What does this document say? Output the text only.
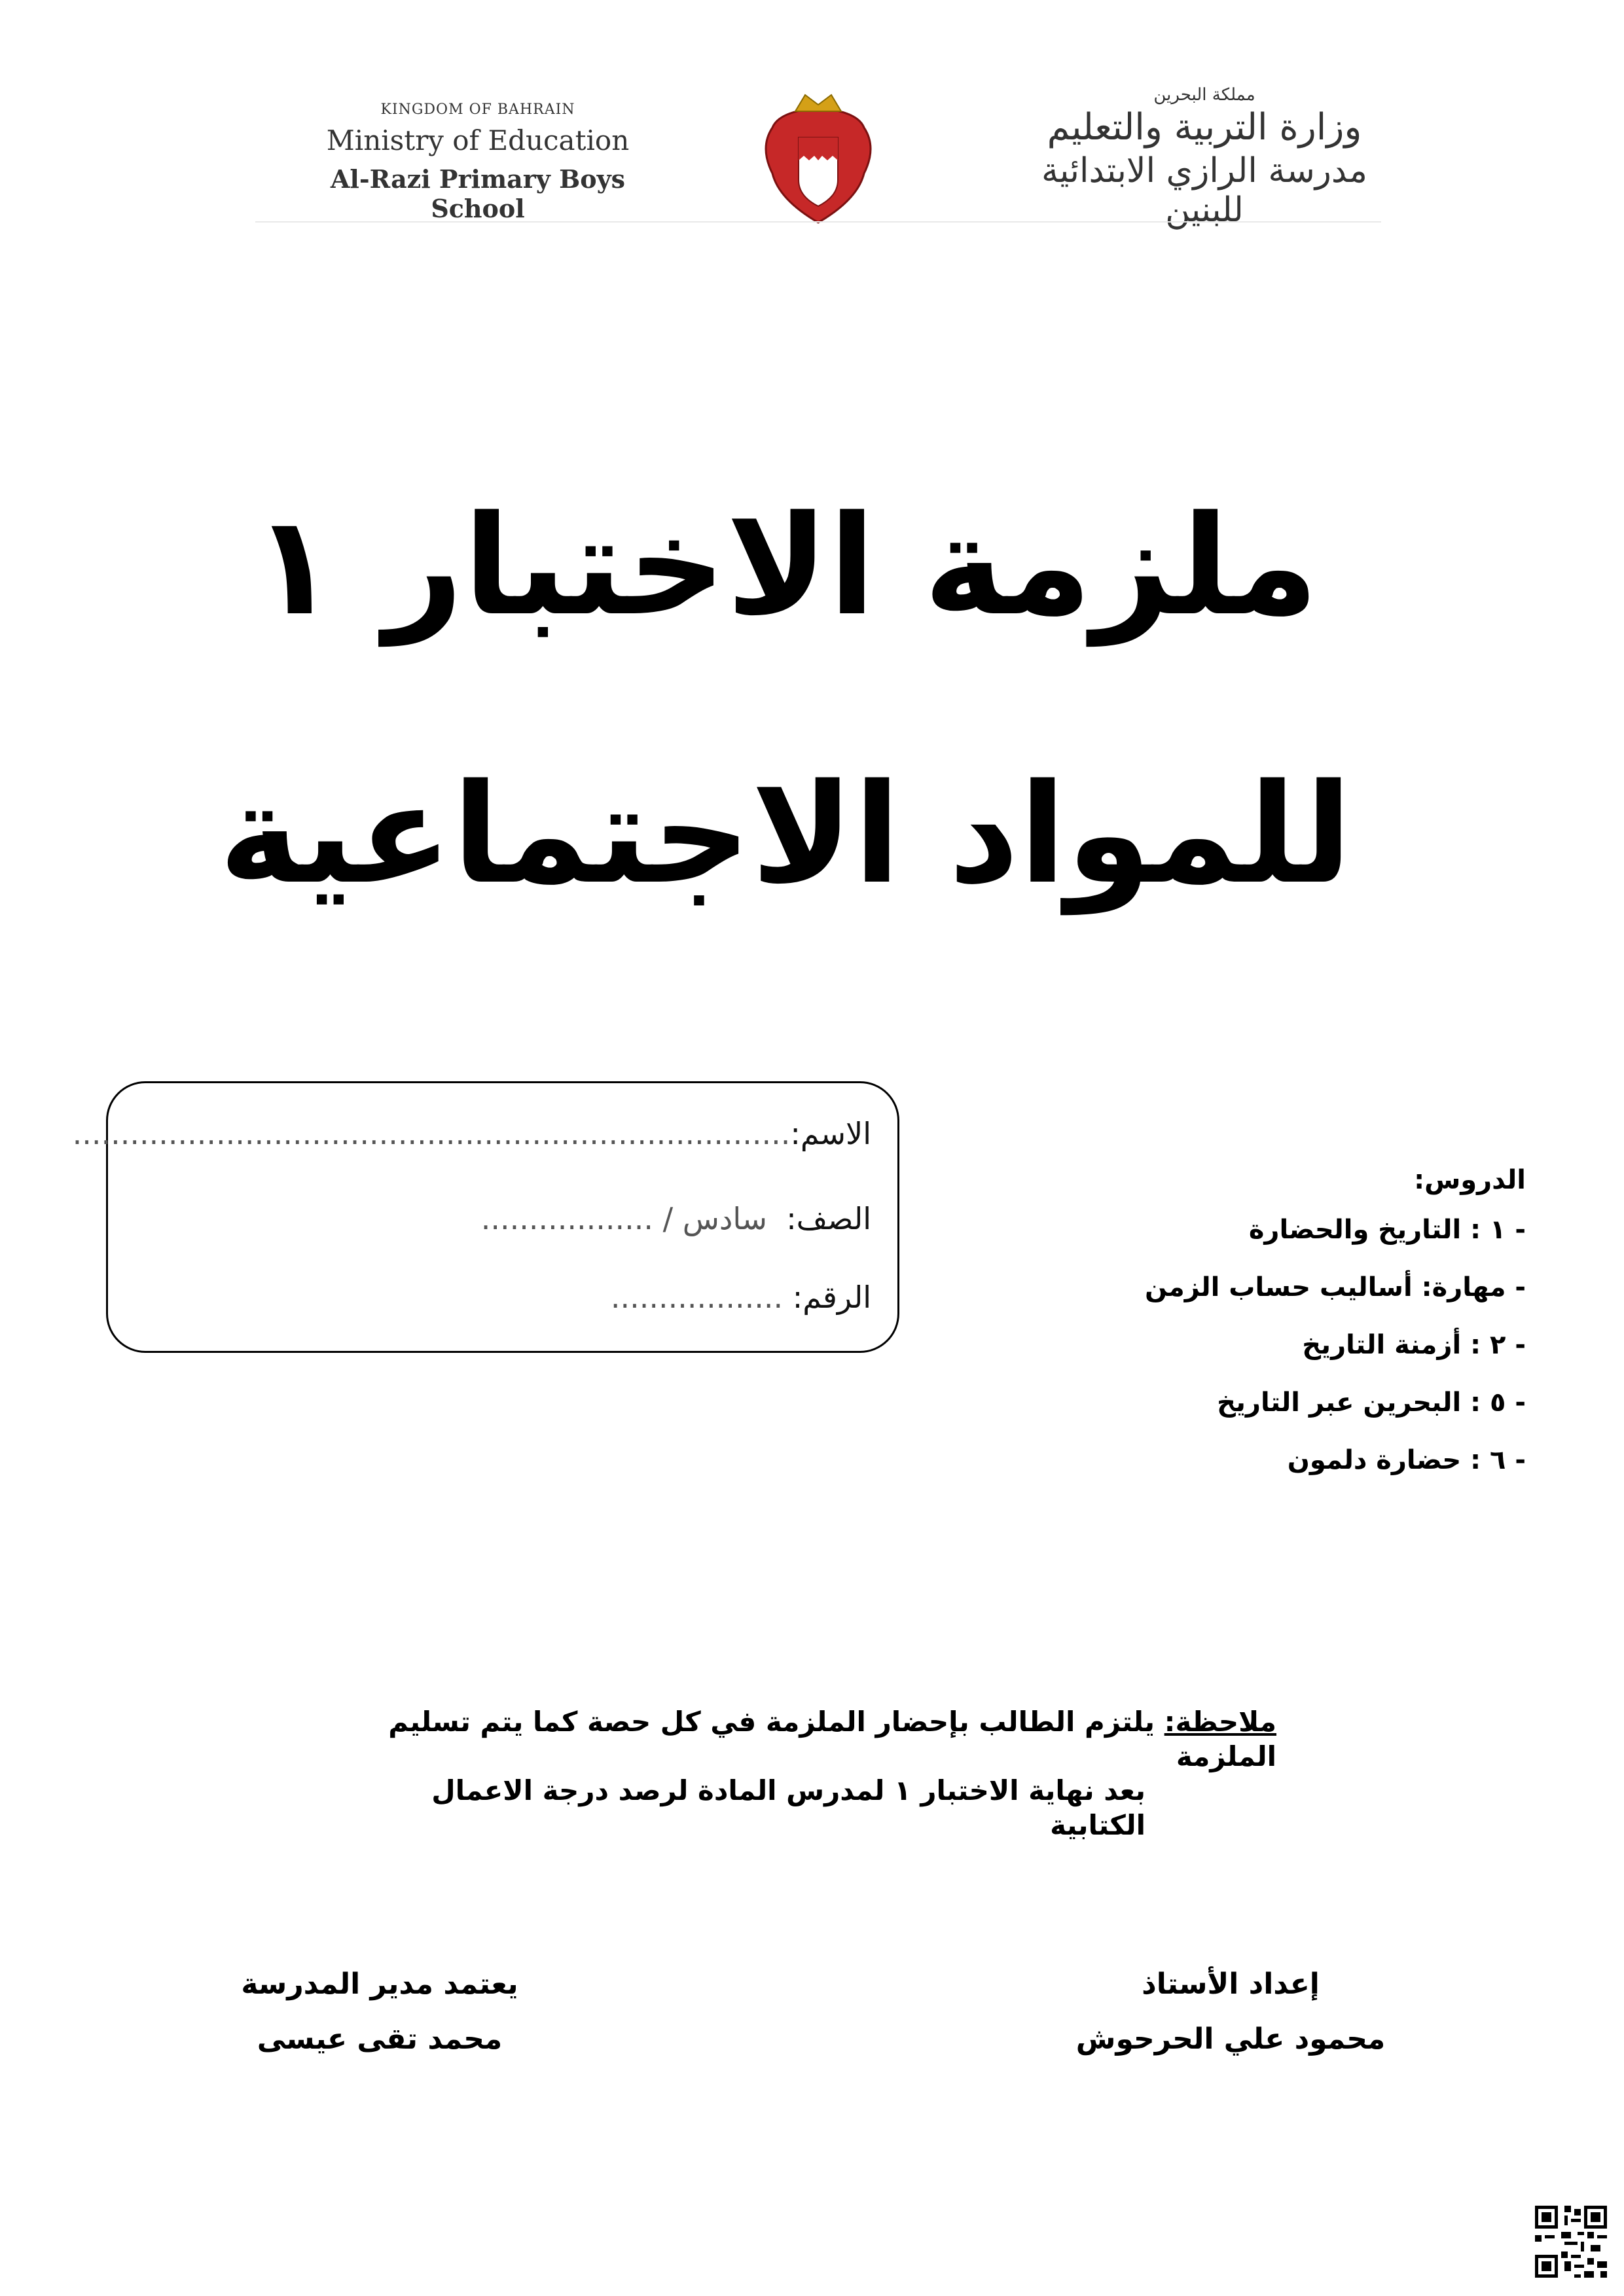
KINGDOM OF BAHRAIN
Ministry of Education
Al-Razi Primary Boys School
مملكة البحرين
وزارة التربية والتعليم
مدرسة الرازي الابتدائية للبنين
ملزمة الاختبار ١
للمواد الاجتماعية
الاسم:...........................................................................
الصف:  سادس / ..................
الرقم: ..................
الدروس:
- ١ : التاريخ والحضارة
- مهارة: أساليب حساب الزمن
- ٢ : أزمنة التاريخ
- ٥ : البحرين عبر التاريخ
- ٦ : حضارة دلمون
ملاحظة: يلتزم الطالب بإحضار الملزمة في كل حصة كما يتم تسليم الملزمة
بعد نهاية الاختبار ١ لمدرس المادة لرصد درجة الاعمال الكتابية
إعداد الأستاذ
محمود علي الحرحوش
يعتمد مدير المدرسة
محمد تقى عيسى
